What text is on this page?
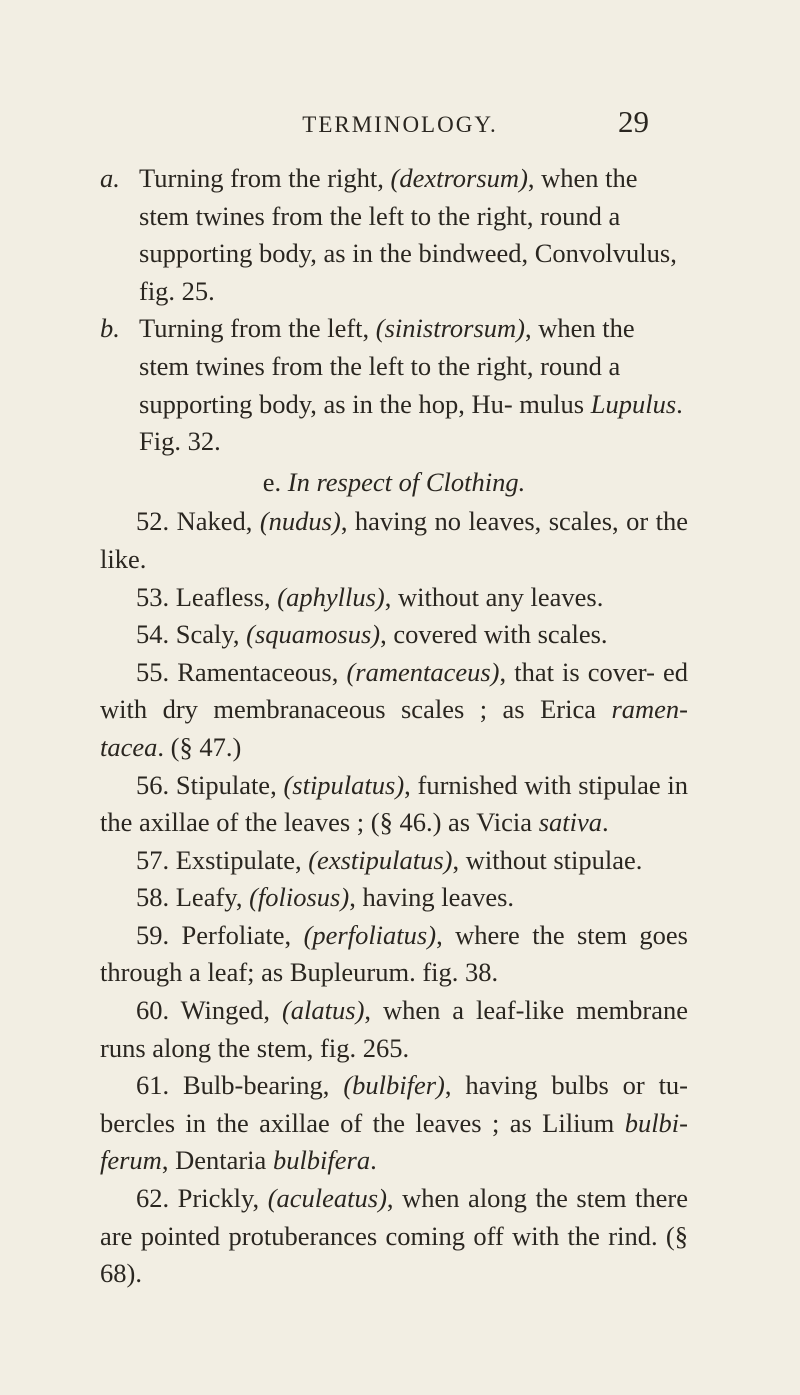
TERMINOLOGY.	29

a. Turning from the right, (dextrorsum), when the stem twines from the left to the right, round a supporting body, as in the bindweed, Convolvulus, fig. 25.

b. Turning from the left, (sinistrorsum), when the stem twines from the left to the right, round a supporting body, as in the hop, Hu- mulus Lupulus. Fig. 32.

e. In respect of Clothing.

52. Naked, (nudus), having no leaves, scales, or the like.

53. Leafless, (aphyllus), without any leaves.

54. Scaly, (squamosus), covered with scales.

55. Ramentaceous, (ramentaceus), that is cover- ed with dry membranaceous scales ; as Erica ramen- tacea. (§ 47.)

56. Stipulate, (stipulatus), furnished with stipulae in the axillae of the leaves ; (§ 46.) as Vicia sativa.

57. Exstipulate, (exstipulatus), without stipulae.

58. Leafy, (foliosus), having leaves.

59. Perfoliate, (perfoliatus), where the stem goes through a leaf; as Bupleurum. fig. 38.

60. Winged, (alatus), when a leaf-like membrane runs along the stem, fig. 265.

61. Bulb-bearing, (bulbifer), having bulbs or tu- bercles in the axillae of the leaves ; as Lilium bulbi- ferum, Dentaria bulbifera.

62. Prickly, (aculeatus), when along the stem there are pointed protuberances coming off with the rind. (§ 68).
